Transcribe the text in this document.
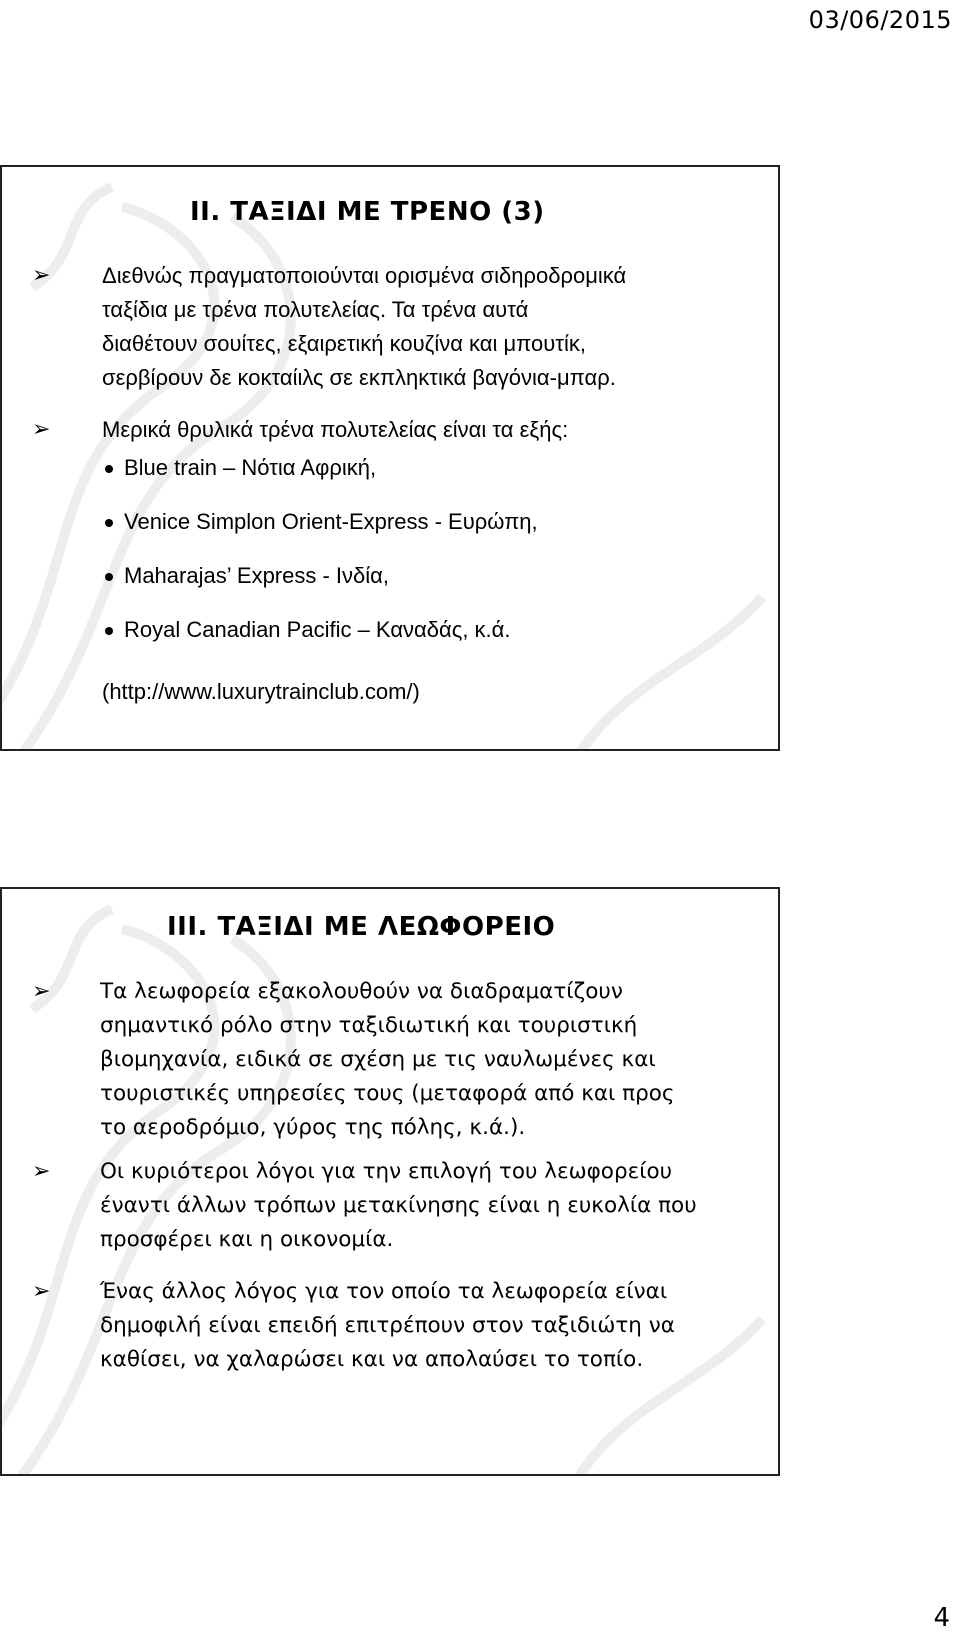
03/06/2015
II. ΤΑΞΙΔΙ ΜΕ ΤΡΕΝΟ (3)
➢ Διεθνώς πραγματοποιούνται ορισμένα σιδηροδρομικά
ταξίδια με τρένα πολυτελείας. Τα τρένα αυτά
διαθέτουν σουίτες, εξαιρετική κουζίνα και μπουτίκ,
σερβίρουν δε κοκταίιλς σε εκπληκτικά βαγόνια-μπαρ.
➢ Μερικά θρυλικά τρένα πολυτελείας είναι τα εξής:
Blue train – Νότια Αφρική,
Venice Simplon Orient-Express - Ευρώπη,
Maharajas’ Express - Ινδία,
Royal Canadian Pacific – Καναδάς, κ.ά.
(http://www.luxurytrainclub.com/)
ΙΙΙ. ΤΑΞΙΔΙ ΜΕ ΛΕΩΦΟΡΕΙΟ
➢ Τα λεωφορεία εξακολουθούν να διαδραματίζουν
σημαντικό ρόλο στην ταξιδιωτική και τουριστική
βιομηχανία, ειδικά σε σχέση με τις ναυλωμένες και
τουριστικές υπηρεσίες τους (μεταφορά από και προς
το αεροδρόμιο, γύρος της πόλης, κ.ά.).
➢ Οι κυριότεροι λόγοι για την επιλογή του λεωφορείου
έναντι άλλων τρόπων μετακίνησης είναι η ευκολία που
προσφέρει και η οικονομία.
➢ Ένας άλλος λόγος για τον οποίο τα λεωφορεία είναι
δημοφιλή είναι επειδή επιτρέπουν στον ταξιδιώτη να
καθίσει, να χαλαρώσει και να απολαύσει το τοπίο.
4
